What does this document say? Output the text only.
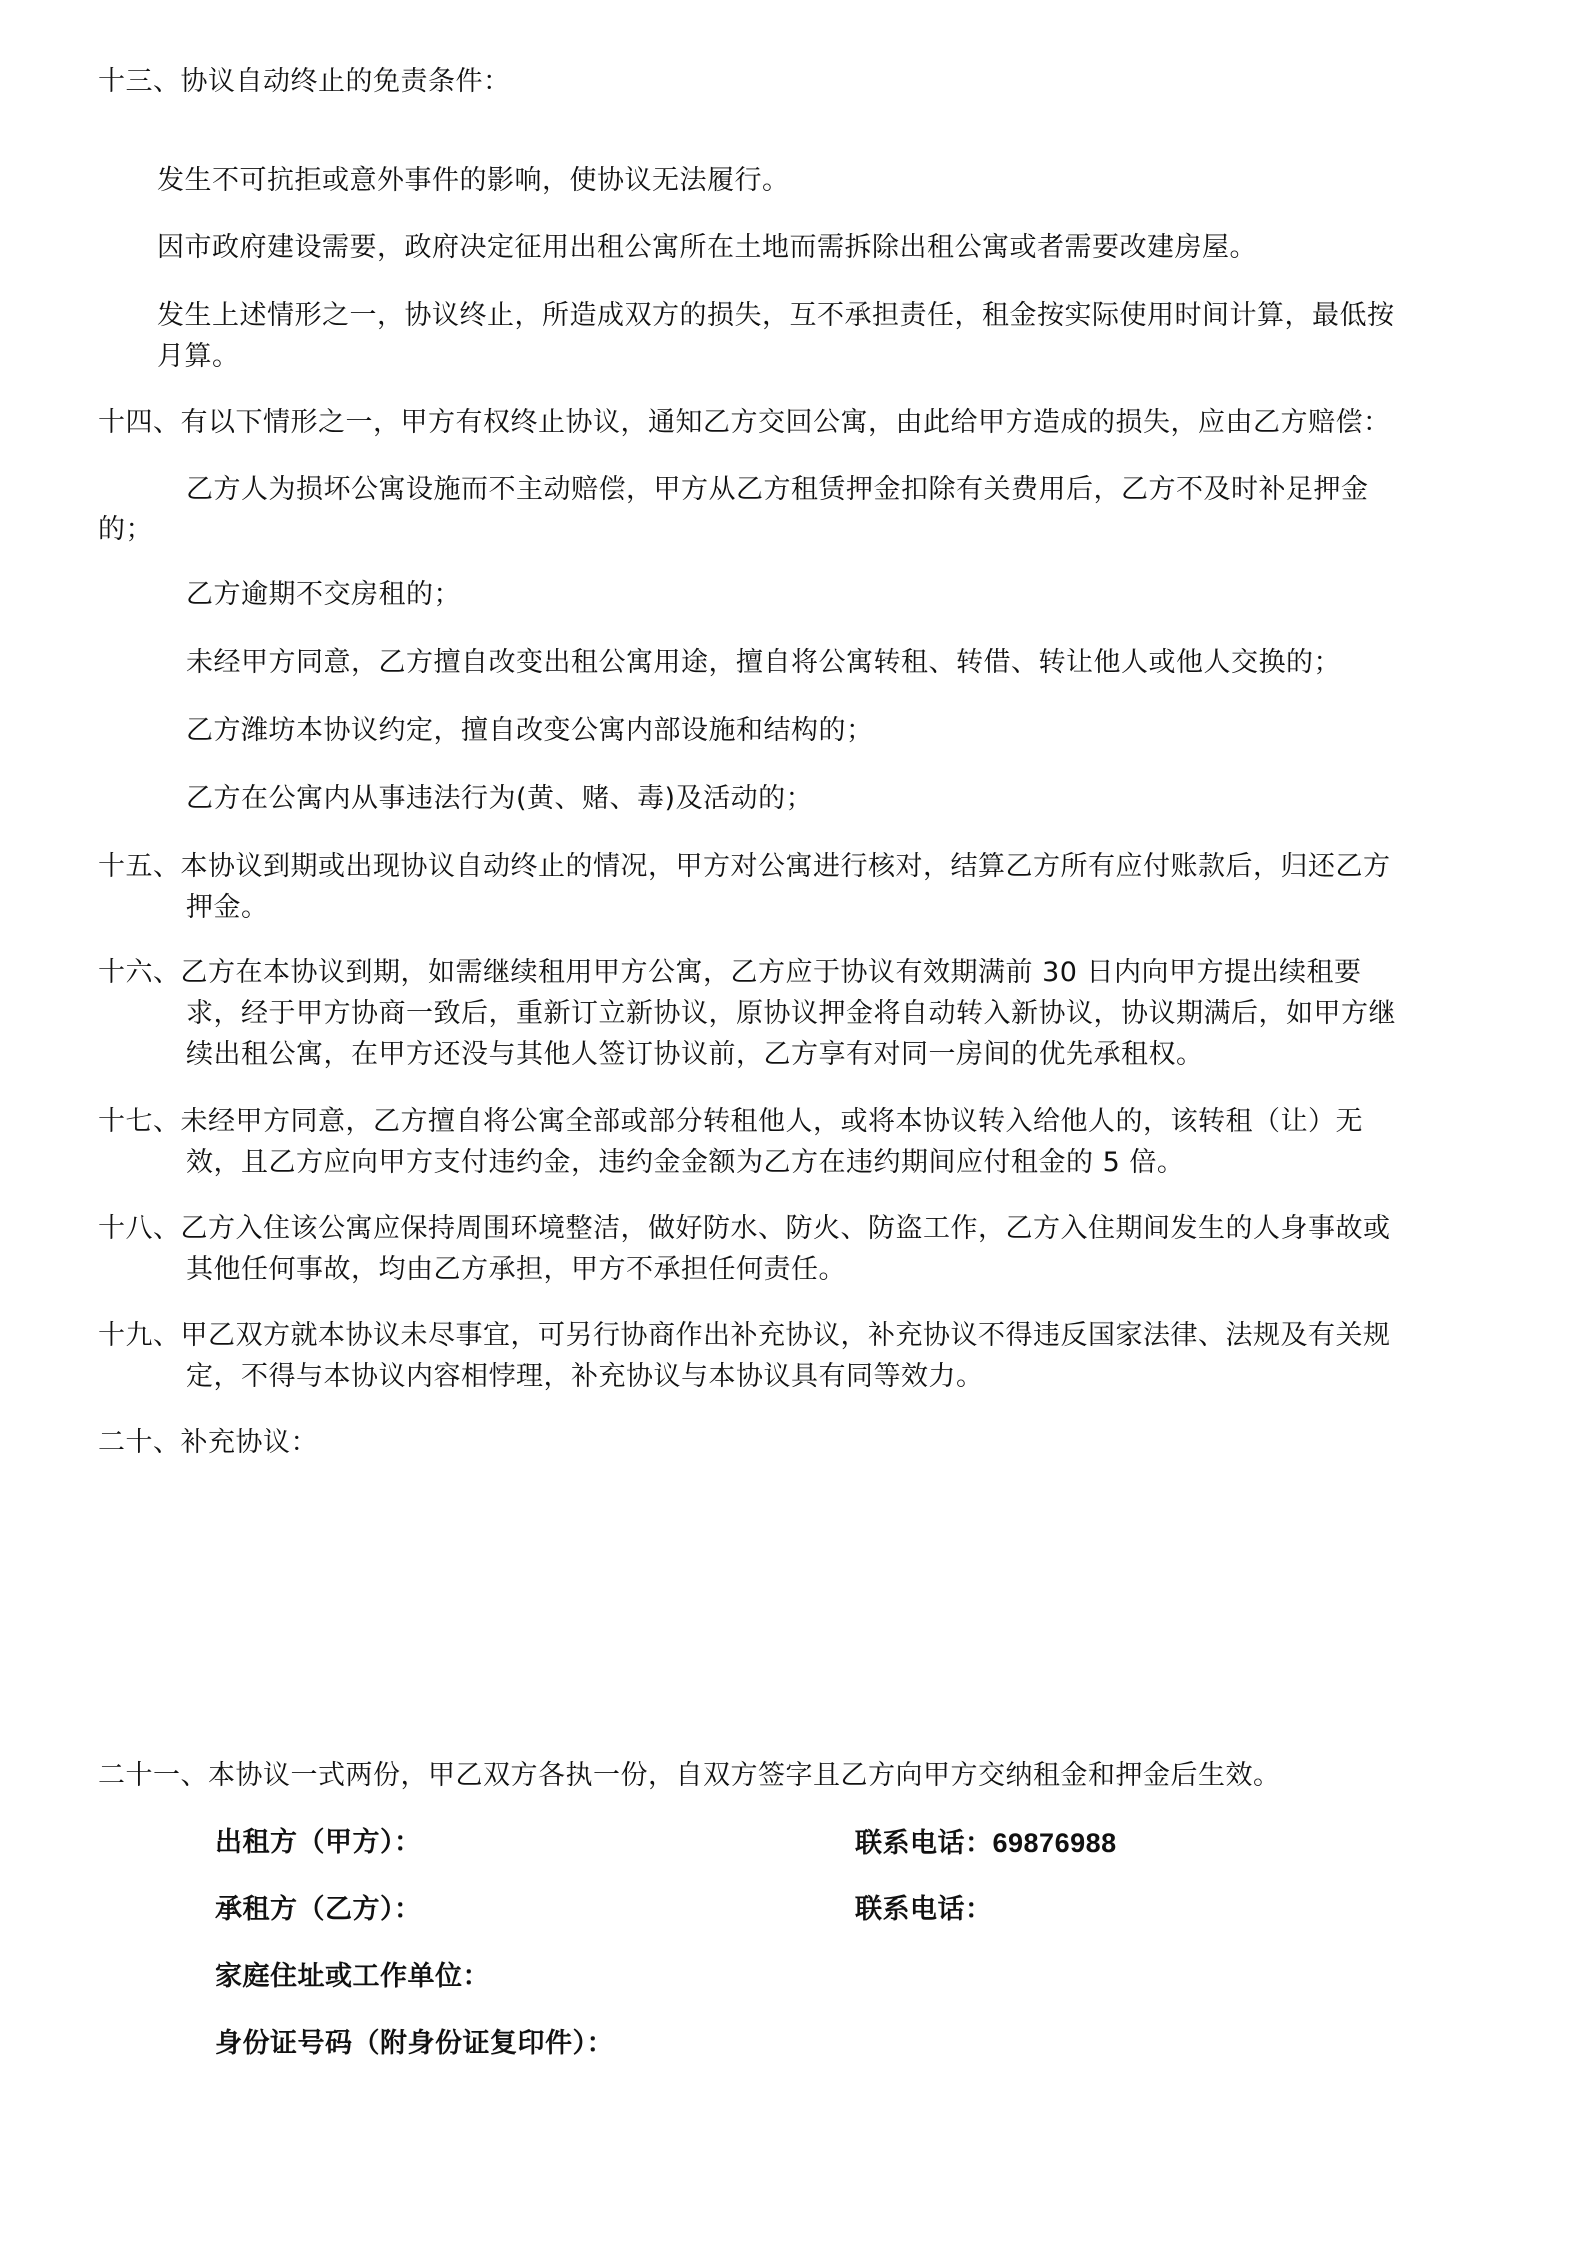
十三、协议自动终止的免责条件：
发生不可抗拒或意外事件的影响，使协议无法履行。
因市政府建设需要，政府决定征用出租公寓所在土地而需拆除出租公寓或者需要改建房屋。
发生上述情形之一，协议终止，所造成双方的损失，互不承担责任，租金按实际使用时间计算，最低按
月算。
十四、有以下情形之一，甲方有权终止协议，通知乙方交回公寓，由此给甲方造成的损失，应由乙方赔偿：
乙方人为损坏公寓设施而不主动赔偿，甲方从乙方租赁押金扣除有关费用后，乙方不及时补足押金
的；
乙方逾期不交房租的；
未经甲方同意，乙方擅自改变出租公寓用途，擅自将公寓转租、转借、转让他人或他人交换的；
乙方潍坊本协议约定，擅自改变公寓内部设施和结构的；
乙方在公寓内从事违法行为(黄、赌、毒)及活动的；
十五、本协议到期或出现协议自动终止的情况，甲方对公寓进行核对，结算乙方所有应付账款后，归还乙方
押金。
十六、乙方在本协议到期，如需继续租用甲方公寓，乙方应于协议有效期满前 30 日内向甲方提出续租要
求，经于甲方协商一致后，重新订立新协议，原协议押金将自动转入新协议，协议期满后，如甲方继
续出租公寓，在甲方还没与其他人签订协议前，乙方享有对同一房间的优先承租权。
十七、未经甲方同意，乙方擅自将公寓全部或部分转租他人，或将本协议转入给他人的，该转租（让）无
效，且乙方应向甲方支付违约金，违约金金额为乙方在违约期间应付租金的 5 倍。
十八、乙方入住该公寓应保持周围环境整洁，做好防水、防火、防盗工作，乙方入住期间发生的人身事故或
其他任何事故，均由乙方承担，甲方不承担任何责任。
十九、甲乙双方就本协议未尽事宜，可另行协商作出补充协议，补充协议不得违反国家法律、法规及有关规
定，不得与本协议内容相悖理，补充协议与本协议具有同等效力。
二十、补充协议：
二十一、本协议一式两份，甲乙双方各执一份，自双方签字且乙方向甲方交纳租金和押金后生效。
出租方（甲方）：	联系电话：69876988
承租方（乙方）：	联系电话：
家庭住址或工作单位：
身份证号码（附身份证复印件）：
